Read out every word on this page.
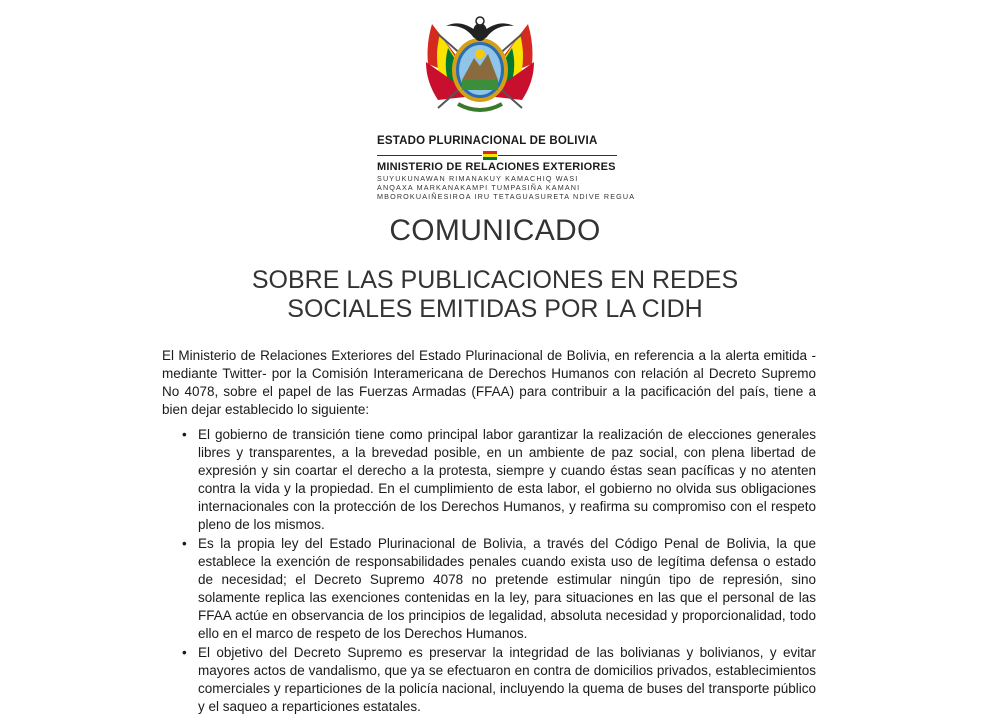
ESTADO PLURINACIONAL DE BOLIVIA
MINISTERIO DE RELACIONES EXTERIORES
SUYUKUNAWAN RIMANAKUY KAMACHIQ WASI
ANQAXA MARKANAKAMPI TUMPASIÑA KAMANI
MBOROKUAIÑESIROA IRU TETAGUASURETA NDIVE REGUA
COMUNICADO
SOBRE LAS PUBLICACIONES EN REDES
SOCIALES EMITIDAS POR LA CIDH

El Ministerio de Relaciones Exteriores del Estado Plurinacional de Bolivia, en referencia a la alerta emitida -mediante Twitter- por la Comisión Interamericana de Derechos Humanos con relación al Decreto Supremo No 4078, sobre el papel de las Fuerzas Armadas (FFAA) para contribuir a la pacificación del país, tiene a bien dejar establecido lo siguiente:

• El gobierno de transición tiene como principal labor garantizar la realización de elecciones generales libres y transparentes, a la brevedad posible, en un ambiente de paz social, con plena libertad de expresión y sin coartar el derecho a la protesta, siempre y cuando éstas sean pacíficas y no atenten contra la vida y la propiedad. En el cumplimiento de esta labor, el gobierno no olvida sus obligaciones internacionales con la protección de los Derechos Humanos, y reafirma su compromiso con el respeto pleno de los mismos.
• Es la propia ley del Estado Plurinacional de Bolivia, a través del Código Penal de Bolivia, la que establece la exención de responsabilidades penales cuando exista uso de legítima defensa o estado de necesidad; el Decreto Supremo 4078 no pretende estimular ningún tipo de represión, sino solamente replica las exenciones contenidas en la ley, para situaciones en las que el personal de las FFAA actúe en observancia de los principios de legalidad, absoluta necesidad y proporcionalidad, todo ello en el marco de respeto de los Derechos Humanos.
• El objetivo del Decreto Supremo es preservar la integridad de las bolivianas y bolivianos, y evitar mayores actos de vandalismo, que ya se efectuaron en contra de domicilios privados, establecimientos comerciales y reparticiones de la policía nacional, incluyendo la quema de buses del transporte público y el saqueo a reparticiones estatales.
